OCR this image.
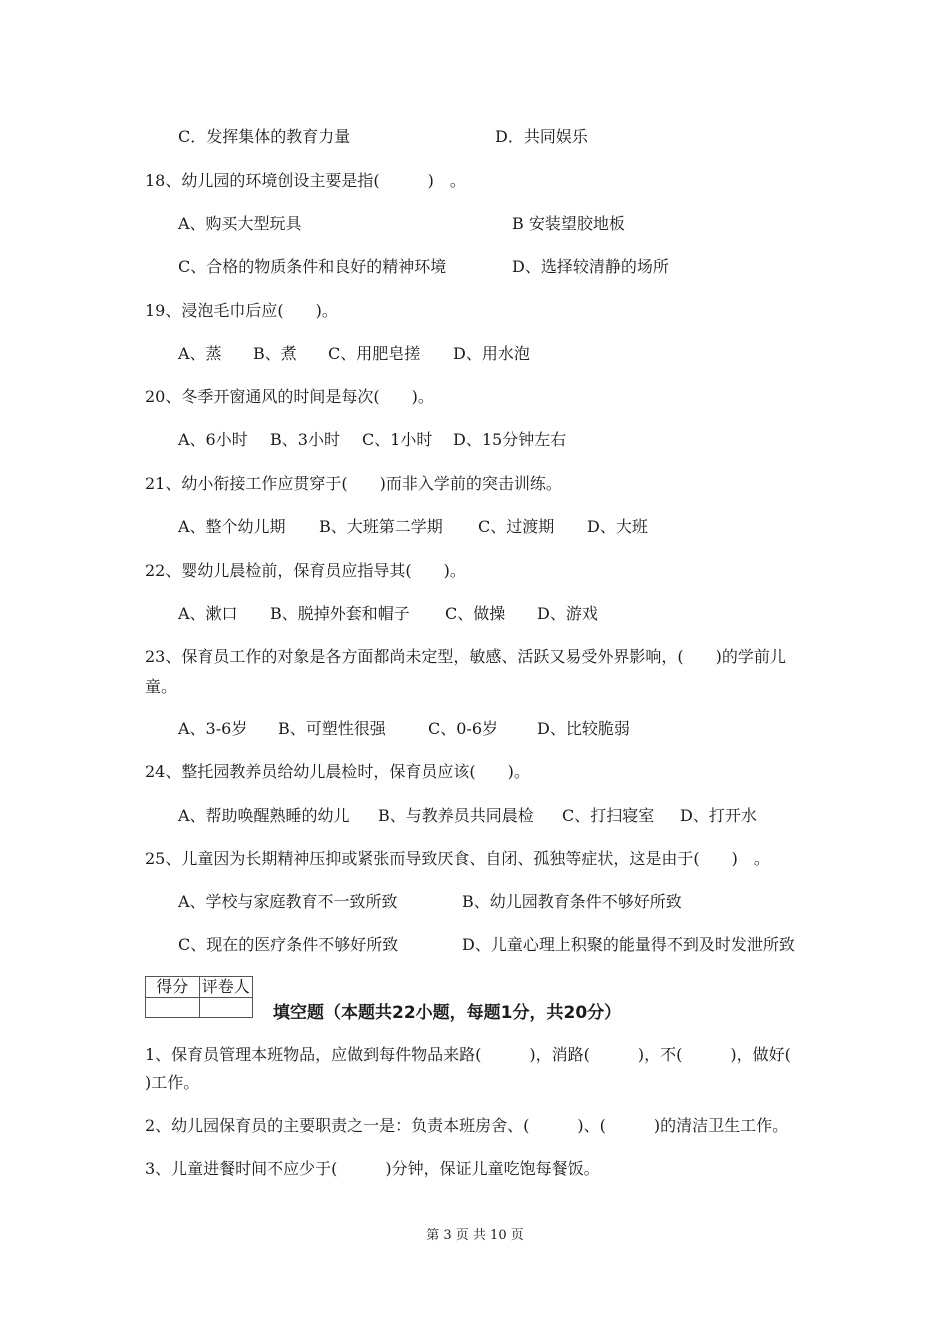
C．发挥集体的教育力量	D．共同娱乐
18、幼儿园的环境创设主要是指(　　　)　。
A、购买大型玩具	B 安装望胶地板
C、合格的物质条件和良好的精神环境	D、选择较清静的场所
19、浸泡毛巾后应(　　)。
A、蒸 B、煮 C、用肥皂搓 D、用水泡
20、冬季开窗通风的时间是每次(　　)。
A、6小时 B、3小时 C、1小时 D、15分钟左右
21、幼小衔接工作应贯穿于(　　)而非入学前的突击训练。
A、整个幼儿期 B、大班第二学期 C、过渡期 D、大班
22、婴幼儿晨检前，保育员应指导其(　　)。
A、漱口 B、脱掉外套和帽子 C、做操 D、游戏
23、保育员工作的对象是各方面都尚未定型，敏感、活跃又易受外界影响，(　　)的学前儿
童。
A、3-6岁 B、可塑性很强	C、0-6岁 D、比较脆弱
24、整托园教养员给幼儿晨检时，保育员应该(　　)。
A、帮助唤醒熟睡的幼儿 B、与教养员共同晨检 C、打扫寝室 D、打开水
25、儿童因为长期精神压抑或紧张而导致厌食、自闭、孤独等症状，这是由于(　　)　。
A、学校与家庭教育不一致所致	B、幼儿园教育条件不够好所致
C、现在的医疗条件不够好所致	D、儿童心理上积聚的能量得不到及时发泄所致
得分	评卷人

填空题（本题共22小题，每题1分，共20分）
1、保育员管理本班物品，应做到每件物品来路(　　　)，消路(　　　)，不(　　　)，做好(
)工作。
2、幼儿园保育员的主要职责之一是：负责本班房舍、(　　　)、(　　　)的清洁卫生工作。
3、儿童进餐时间不应少于(　　　)分钟，保证儿童吃饱每餐饭。
第 3 页 共 10 页
